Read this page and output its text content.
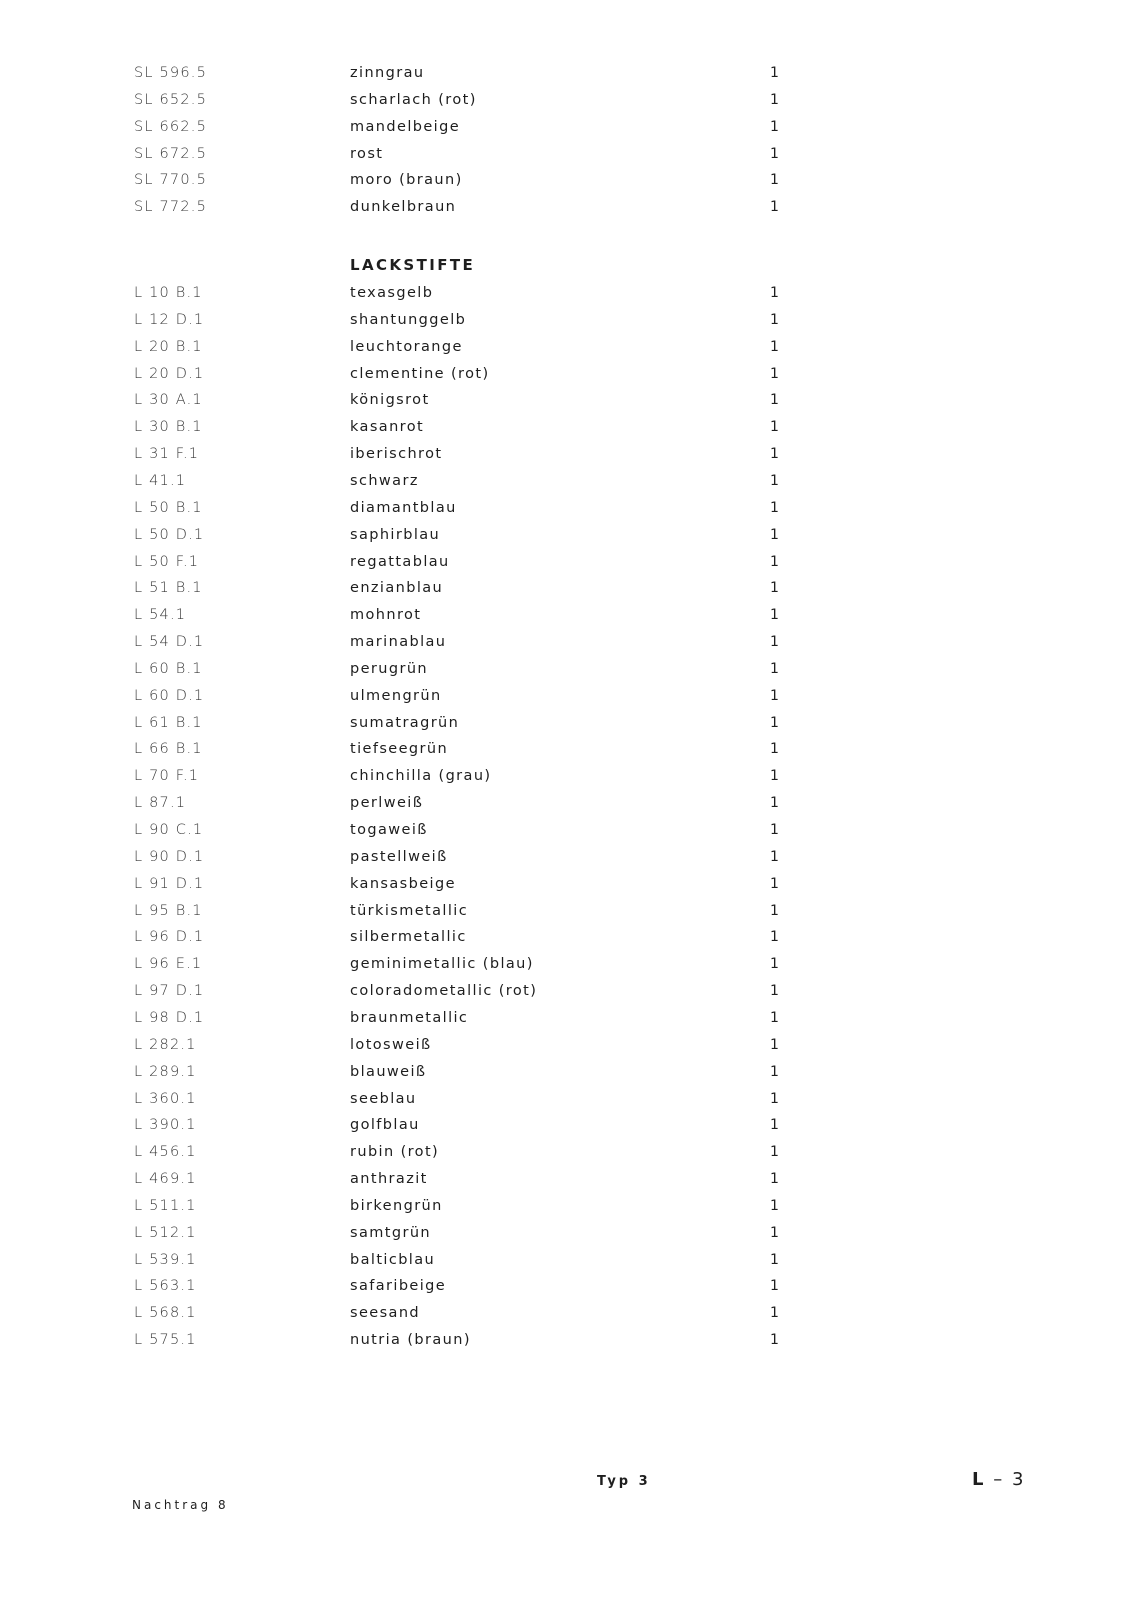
SL 596.5	zinngrau	1
SL 652.5	scharlach (rot)	1
SL 662.5	mandelbeige	1
SL 672.5	rost	1
SL 770.5	moro (braun)	1
SL 772.5	dunkelbraun	1
L 10 B.1	texasgelb	1
L 12 D.1	shantunggelb	1
L 20 B.1	leuchtorange	1
L 20 D.1	clementine (rot)	1
L 30 A.1	königsrot	1
L 30 B.1	kasanrot	1
L 31 F.1	iberischrot	1
L 41.1	schwarz	1
L 50 B.1	diamantblau	1
L 50 D.1	saphirblau	1
L 50 F.1	regattablau	1
L 51 B.1	enzianblau	1
L 54.1	mohnrot	1
L 54 D.1	marinablau	1
L 60 B.1	perugrün	1
L 60 D.1	ulmengrün	1
L 61 B.1	sumatragrün	1
L 66 B.1	tiefseegrün	1
L 70 F.1	chinchilla (grau)	1
L 87.1	perlweiß	1
L 90 C.1	togaweiß	1
L 90 D.1	pastellweiß	1
L 91 D.1	kansasbeige	1
L 95 B.1	türkismetallic	1
L 96 D.1	silbermetallic	1
L 96 E.1	geminimetallic (blau)	1
L 97 D.1	coloradometallic (rot)	1
L 98 D.1	braunmetallic	1
L 282.1	lotosweiß	1
L 289.1	blauweiß	1
L 360.1	seeblau	1
L 390.1	golfblau	1
L 456.1	rubin (rot)	1
L 469.1	anthrazit	1
L 511.1	birkengrün	1
L 512.1	samtgrün	1
L 539.1	balticblau	1
L 563.1	safaribeige	1
L 568.1	seesand	1
L 575.1	nutria (braun)	1
LACKSTIFTE
Typ 3
Nachtrag 8
L – 3
